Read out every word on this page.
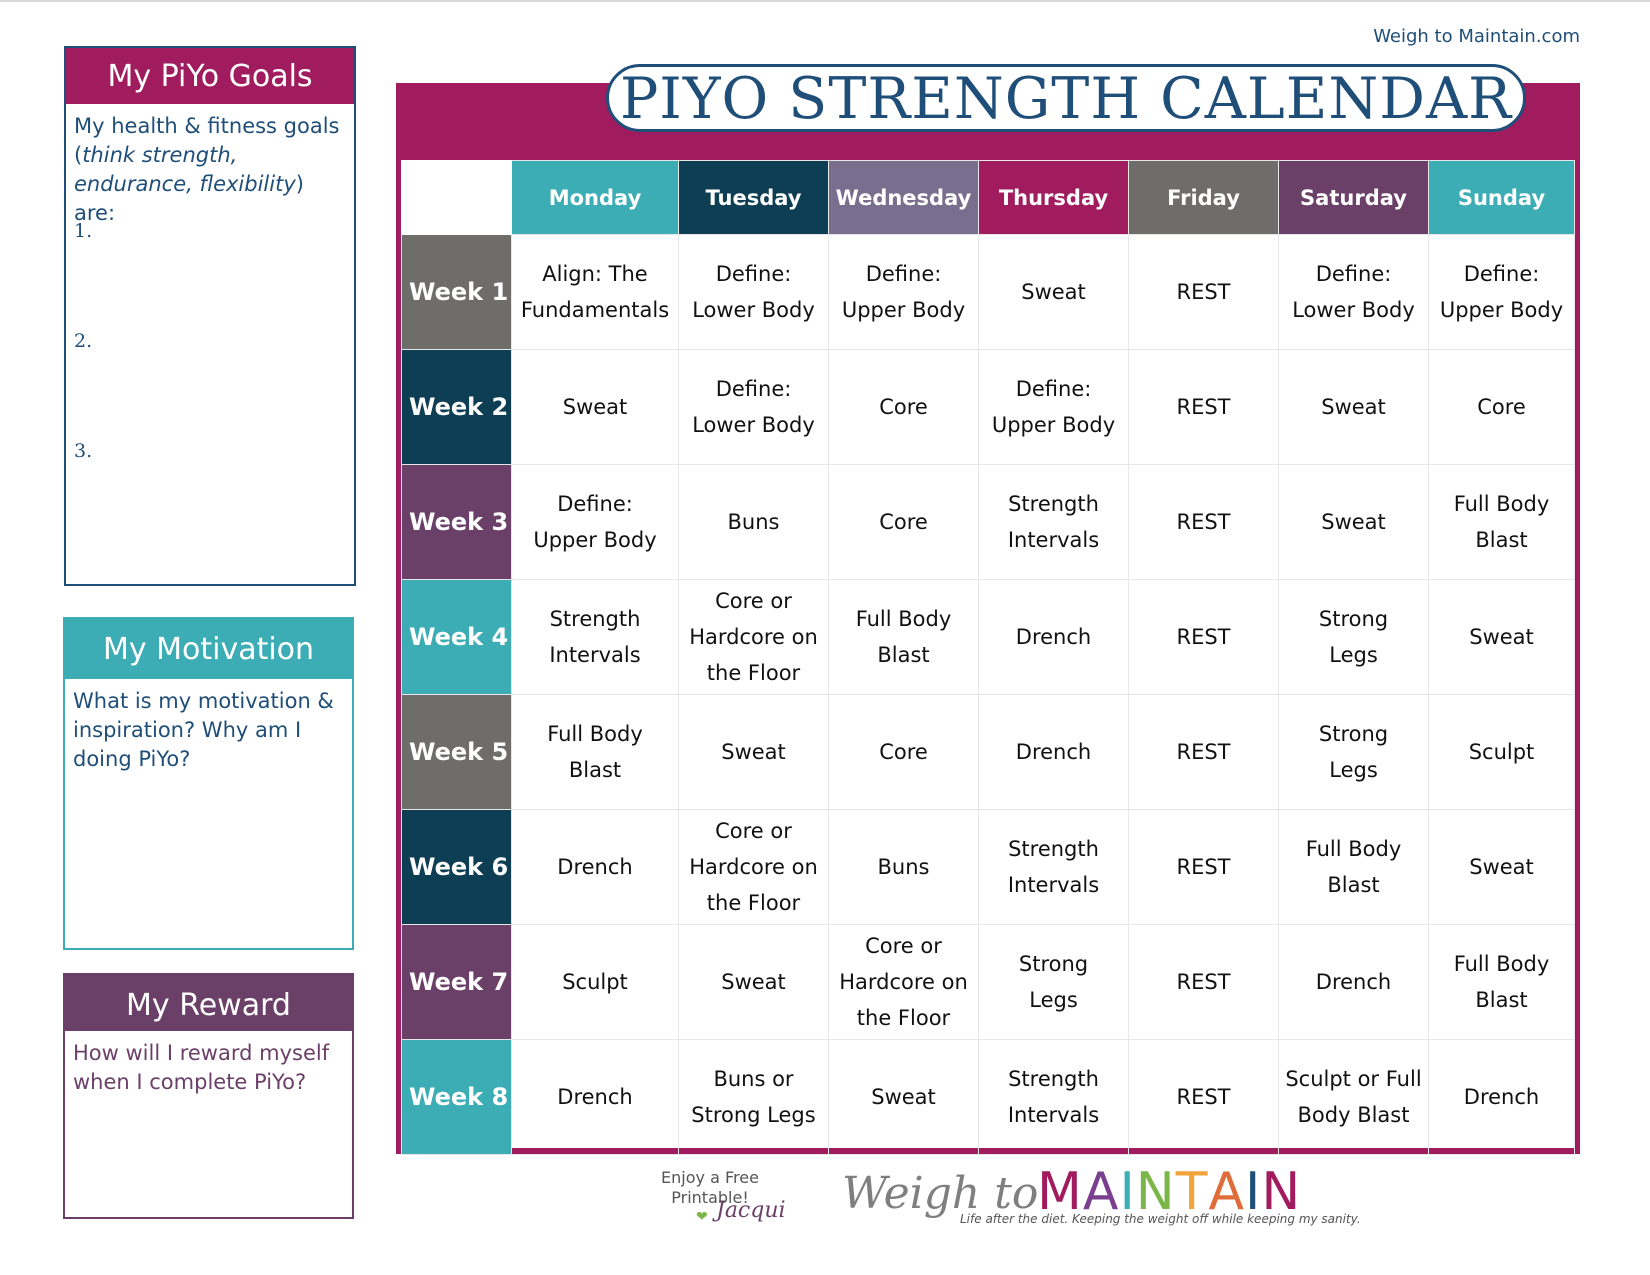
Weigh to Maintain.com
My PiYo Goals
My health & fitness goals (think strength, endurance, flexibility) are:
1.
2.
3.
My Motivation
What is my motivation & inspiration? Why am I doing PiYo?
My Reward
How will I reward myself when I complete PiYo?
PIYO STRENGTH CALENDAR
	Monday	Tuesday	Wednesday	Thursday	Friday	Saturday	Sunday
Week 1	Align: The
Fundamentals	Define:
Lower Body	Define:
Upper Body	Sweat	REST	Define:
Lower Body	Define:
Upper Body
Week 2	Sweat	Define:
Lower Body	Core	Define:
Upper Body	REST	Sweat	Core
Week 3	Define:
Upper Body	Buns	Core	Strength
Intervals	REST	Sweat	Full Body
Blast
Week 4	Strength
Intervals	Core or
Hardcore on
the Floor	Full Body
Blast	Drench	REST	Strong
Legs	Sweat
Week 5	Full Body
Blast	Sweat	Core	Drench	REST	Strong
Legs	Sculpt
Week 6	Drench	Core or
Hardcore on
the Floor	Buns	Strength
Intervals	REST	Full Body
Blast	Sweat
Week 7	Sculpt	Sweat	Core or
Hardcore on
the Floor	Strong
Legs	REST	Drench	Full Body
Blast
Week 8	Drench	Buns or
Strong Legs	Sweat	Strength
Intervals	REST	Sculpt or Full
Body Blast	Drench
Enjoy a Free Printable!
❤ Jacqui Weigh to
MAINTAIN
Life after the diet. Keeping the weight off while keeping my sanity.
